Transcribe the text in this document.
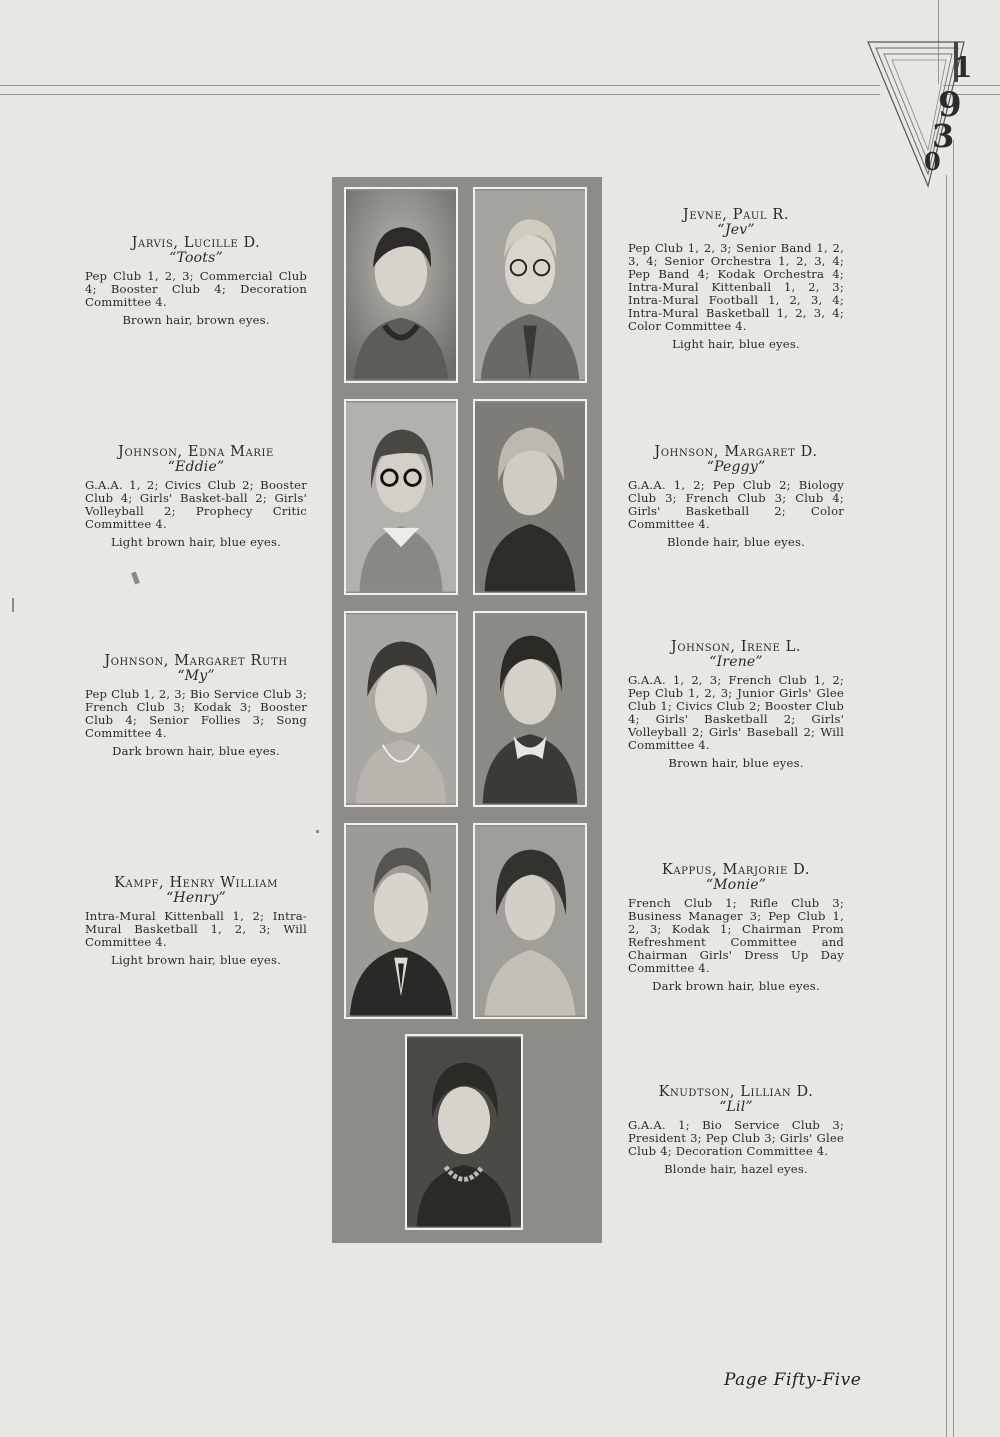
1
9
3
0
Jarvis, Lucille D.
“Toots”
Pep Club 1, 2, 3; Commercial Club 4; Booster Club 4; Decoration Committee 4.
Brown hair, brown eyes.
Johnson, Edna Marie
“Eddie”
G.A.A. 1, 2; Civics Club 2; Booster Club 4; Girls' Basket-ball 2; Girls' Volleyball 2; Prophecy Critic Committee 4.
Light brown hair, blue eyes.
Johnson, Margaret Ruth
“My”
Pep Club 1, 2, 3; Bio Service Club 3; French Club 3; Kodak 3; Booster Club 4; Senior Follies 3; Song Committee 4.
Dark brown hair, blue eyes.
Kampf, Henry William
“Henry”
Intra-Mural Kittenball 1, 2; Intra-Mural Basketball 1, 2, 3; Will Committee 4.
Light brown hair, blue eyes.
Jevne, Paul R.
“Jev”
Pep Club 1, 2, 3; Senior Band 1, 2, 3, 4; Senior Orchestra 1, 2, 3, 4; Pep Band 4; Kodak Orchestra 4; Intra-Mural Kittenball 1, 2, 3; Intra-Mural Football 1, 2, 3, 4; Intra-Mural Basketball 1, 2, 3, 4; Color Committee 4.
Light hair, blue eyes.
Johnson, Margaret D.
“Peggy”
G.A.A. 1, 2; Pep Club 2; Biology Club 3; French Club 3; Club 4; Girls' Basketball 2; Color Committee 4.
Blonde hair, blue eyes.
Johnson, Irene L.
“Irene”
G.A.A. 1, 2, 3; French Club 1, 2; Pep Club 1, 2, 3; Junior Girls' Glee Club 1; Civics Club 2; Booster Club 4; Girls' Basketball 2; Girls' Volleyball 2; Girls' Baseball 2; Will Committee 4.
Brown hair, blue eyes.
Kappus, Marjorie D.
“Monie”
French Club 1; Rifle Club 3; Business Manager 3; Pep Club 1, 2, 3; Kodak 1; Chairman Prom Refreshment Committee and Chairman Girls' Dress Up Day Committee 4.
Dark brown hair, blue eyes.
Knudtson, Lillian D.
“Lil”
G.A.A. 1; Bio Service Club 3; President 3; Pep Club 3; Girls' Glee Club 4; Decoration Committee 4.
Blonde hair, hazel eyes.
Page Fifty-Five
